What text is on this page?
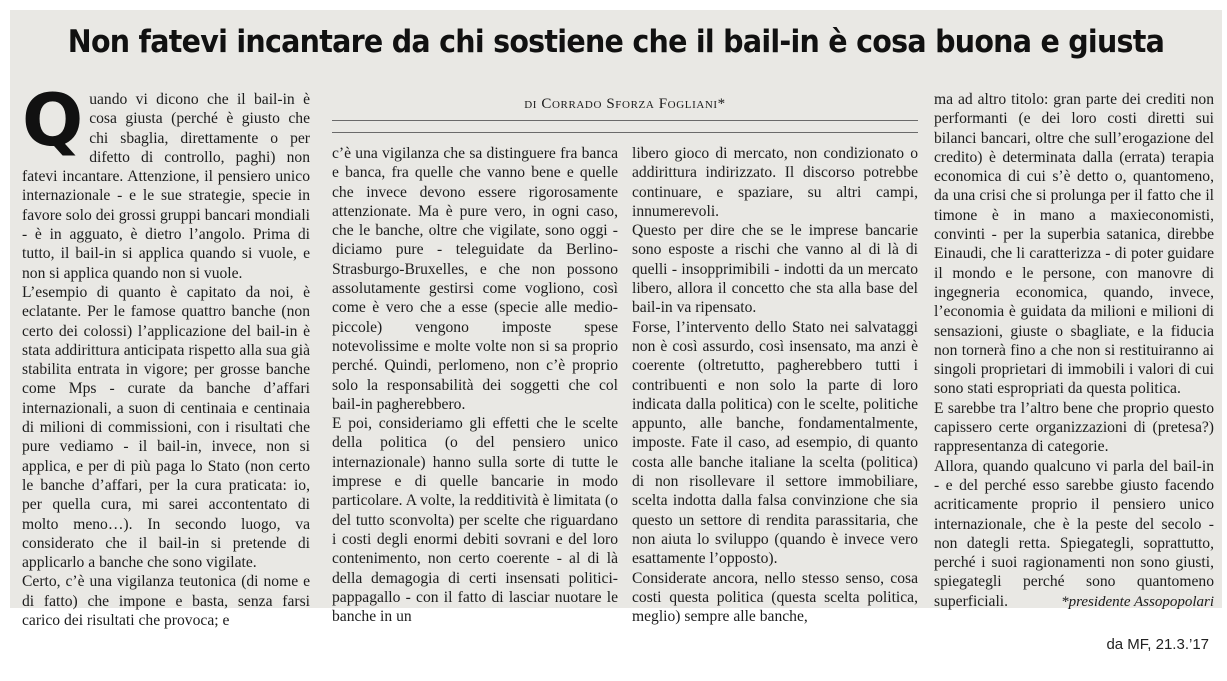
Non fatevi incantare da chi sostiene che il bail-in è cosa buona e giusta

Quando vi dicono che il bail-in è cosa giusta (perché è giusto che chi sbaglia, direttamente o per difetto di controllo, paghi) non fatevi incantare. Attenzione, il pensiero unico internazionale - e le sue strategie, specie in favore solo dei grossi gruppi bancari mondiali - è in agguato, è dietro l’angolo. Prima di tutto, il bail-in si applica quando si vuole, e non si applica quando non si vuole.

L’esempio di quanto è capitato da noi, è eclatante. Per le famose quattro banche (non certo dei colossi) l’applicazione del bail-in è stata addirittura anticipata rispetto alla sua già stabilita entrata in vigore; per grosse banche come Mps - curate da banche d’affari internazionali, a suon di centinaia e centinaia di milioni di commissioni, con i risultati che pure vediamo - il bail-in, invece, non si applica, e per di più paga lo Stato (non certo le banche d’affari, per la cura praticata: io, per quella cura, mi sarei accontentato di molto meno…). In secondo luogo, va considerato che il bail-in si pretende di applicarlo a banche che sono vigilate.

Certo, c’è una vigilanza teutonica (di nome e di fatto) che impone e basta, senza farsi carico dei risultati che provoca; e

di Corrado Sforza Fogliani*

c’è una vigilanza che sa distinguere fra banca e banca, fra quelle che vanno bene e quelle che invece devono essere rigorosamente attenzionate. Ma è pure vero, in ogni caso, che le banche, oltre che vigilate, sono oggi - diciamo pure - teleguidate da Berlino-Strasburgo-Bruxelles, e che non possono assolutamente gestirsi come vogliono, così come è vero che a esse (specie alle medio-piccole) vengono imposte spese notevolissime e molte volte non si sa proprio perché. Quindi, perlomeno, non c’è proprio solo la responsabilità dei soggetti che col bail-in pagherebbero.

E poi, consideriamo gli effetti che le scelte della politica (o del pensiero unico internazionale) hanno sulla sorte di tutte le imprese e di quelle bancarie in modo particolare. A volte, la redditività è limitata (o del tutto sconvolta) per scelte che riguardano i costi degli enormi debiti sovrani e del loro contenimento, non certo coerente - al di là della demagogia di certi insensati politici-pappagallo - con il fatto di lasciar nuotare le banche in un

libero gioco di mercato, non condizionato o addirittura indirizzato. Il discorso potrebbe continuare, e spaziare, su altri campi, innumerevoli.

Questo per dire che se le imprese bancarie sono esposte a rischi che vanno al di là di quelli - insopprimibili - indotti da un mercato libero, allora il concetto che sta alla base del bail-in va ripensato.

Forse, l’intervento dello Stato nei salvataggi non è così assurdo, così insensato, ma anzi è coerente (oltretutto, pagherebbero tutti i contribuenti e non solo la parte di loro indicata dalla politica) con le scelte, politiche appunto, alle banche, fondamentalmente, imposte. Fate il caso, ad esempio, di quanto costa alle banche italiane la scelta (politica) di non risollevare il settore immobiliare, scelta indotta dalla falsa convinzione che sia questo un settore di rendita parassitaria, che non aiuta lo sviluppo (quando è invece vero esattamente l’opposto).

Considerate ancora, nello stesso senso, cosa costi questa politica (questa scelta politica, meglio) sempre alle banche,

ma ad altro titolo: gran parte dei crediti non performanti (e dei loro costi diretti sui bilanci bancari, oltre che sull’erogazione del credito) è determinata dalla (errata) terapia economica di cui s’è detto o, quantomeno, da una crisi che si prolunga per il fatto che il timone è in mano a maxieconomisti, convinti - per la superbia satanica, direbbe Einaudi, che li caratterizza - di poter guidare il mondo e le persone, con manovre di ingegneria economica, quando, invece, l’economia è guidata da milioni e milioni di sensazioni, giuste o sbagliate, e la fiducia non tornerà fino a che non si restituiranno ai singoli proprietari di immobili i valori di cui sono stati espropriati da questa politica.

E sarebbe tra l’altro bene che proprio questo capissero certe organizzazioni di (pretesa?) rappresentanza di categorie.

Allora, quando qualcuno vi parla del bail-in - e del perché esso sarebbe giusto facendo acriticamente proprio il pensiero unico internazionale, che è la peste del secolo - non dategli retta. Spiegategli, soprattutto, perché i suoi ragionamenti non sono giusti, spiegategli perché sono quantomeno superficiali.	*presidente Assopopolari
da MF, 21.3.’17
